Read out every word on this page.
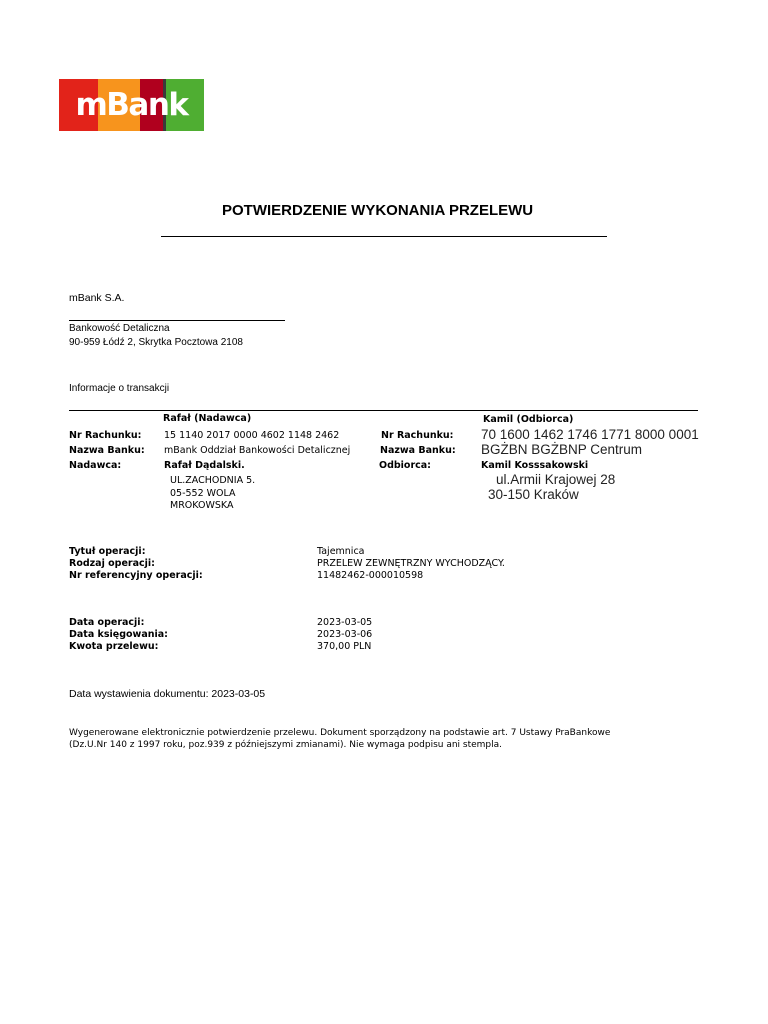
mBank
POTWIERDZENIE WYKONANIA PRZELEWU
mBank S.A.
Bankowość Detaliczna
90-959 Łódź 2, Skrytka Pocztowa 2108
Informacje o transakcji
Rafał (Nadawca)
Nr Rachunku: 15 1140 2017 0000 4602 1148 2462
Nazwa Banku: mBank Oddział Bankowości Detalicznej
Nadawca:	Rafał Dądalski.
UL.ZACHODNIA 5.
05-552 WOLA
MROKOWSKA
Kamil (Odbiorca)
Nr Rachunku: 70 1600 1462 1746 1771 8000 0001
Nazwa Banku: BGŻBN BGŻBNP Centrum
Odbiorca:	Kamil Kosssakowski
ul.Armii Krajowej 28
30-150 Kraków
Tytuł operacji:	Tajemnica
Rodzaj operacji:	PRZELEW ZEWNĘTRZNY WYCHODZĄCY.
Nr referencyjny operacji:	11482462-000010598
Data operacji:	2023-03-05
Data księgowania:	2023-03-06
Kwota przelewu:	370,00 PLN
Data wystawienia dokumentu: 2023-03-05
Wygenerowane elektronicznie potwierdzenie przelewu. Dokument sporządzony na podstawie art. 7 Ustawy PraBankowe
(Dz.U.Nr 140 z 1997 roku, poz.939 z późniejszymi zmianami). Nie wymaga podpisu ani stempla.
